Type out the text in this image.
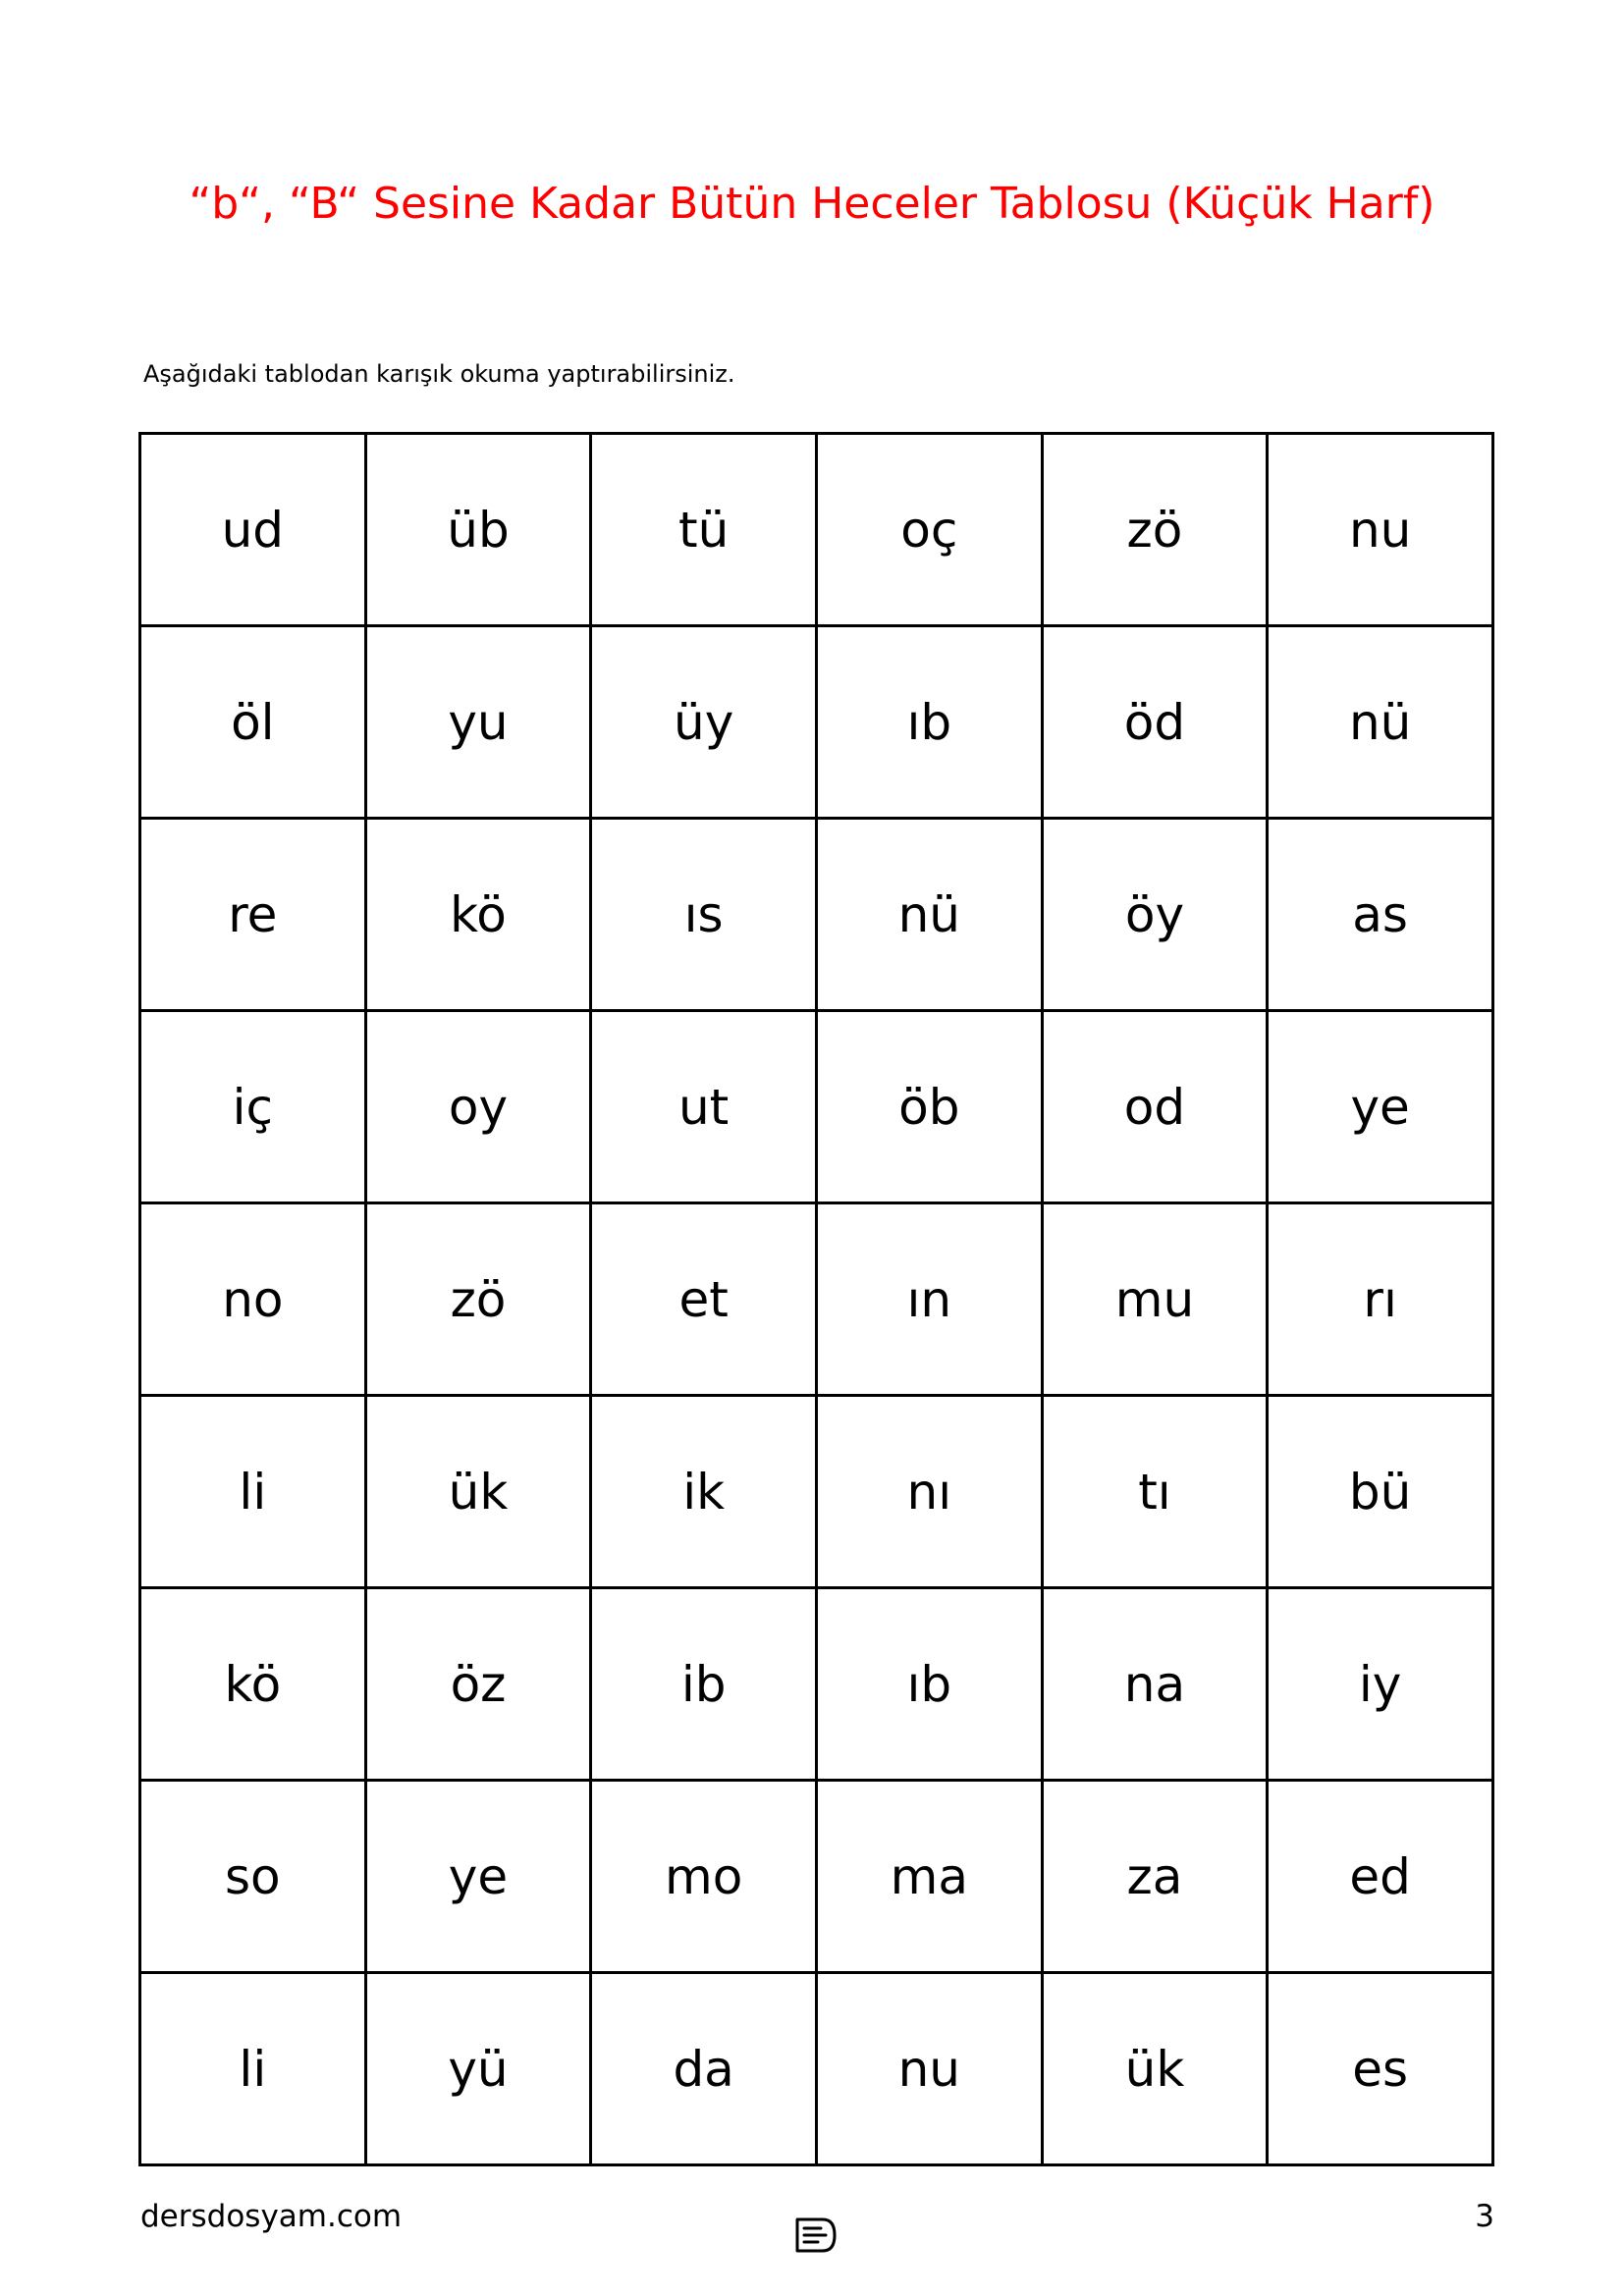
“b“, “B“ Sesine Kadar Bütün Heceler Tablosu (Küçük Harf)
Aşağıdaki tablodan karışık okuma yaptırabilirsiniz.
ud	üb	tü	oç	zö	nu
öl	yu	üy	ıb	öd	nü
re	kö	ıs	nü	öy	as
iç	oy	ut	öb	od	ye
no	zö	et	ın	mu	rı
li	ük	ik	nı	tı	bü
kö	öz	ib	ıb	na	iy
so	ye	mo	ma	za	ed
li	yü	da	nu	ük	es
dersdosyam.com	3
